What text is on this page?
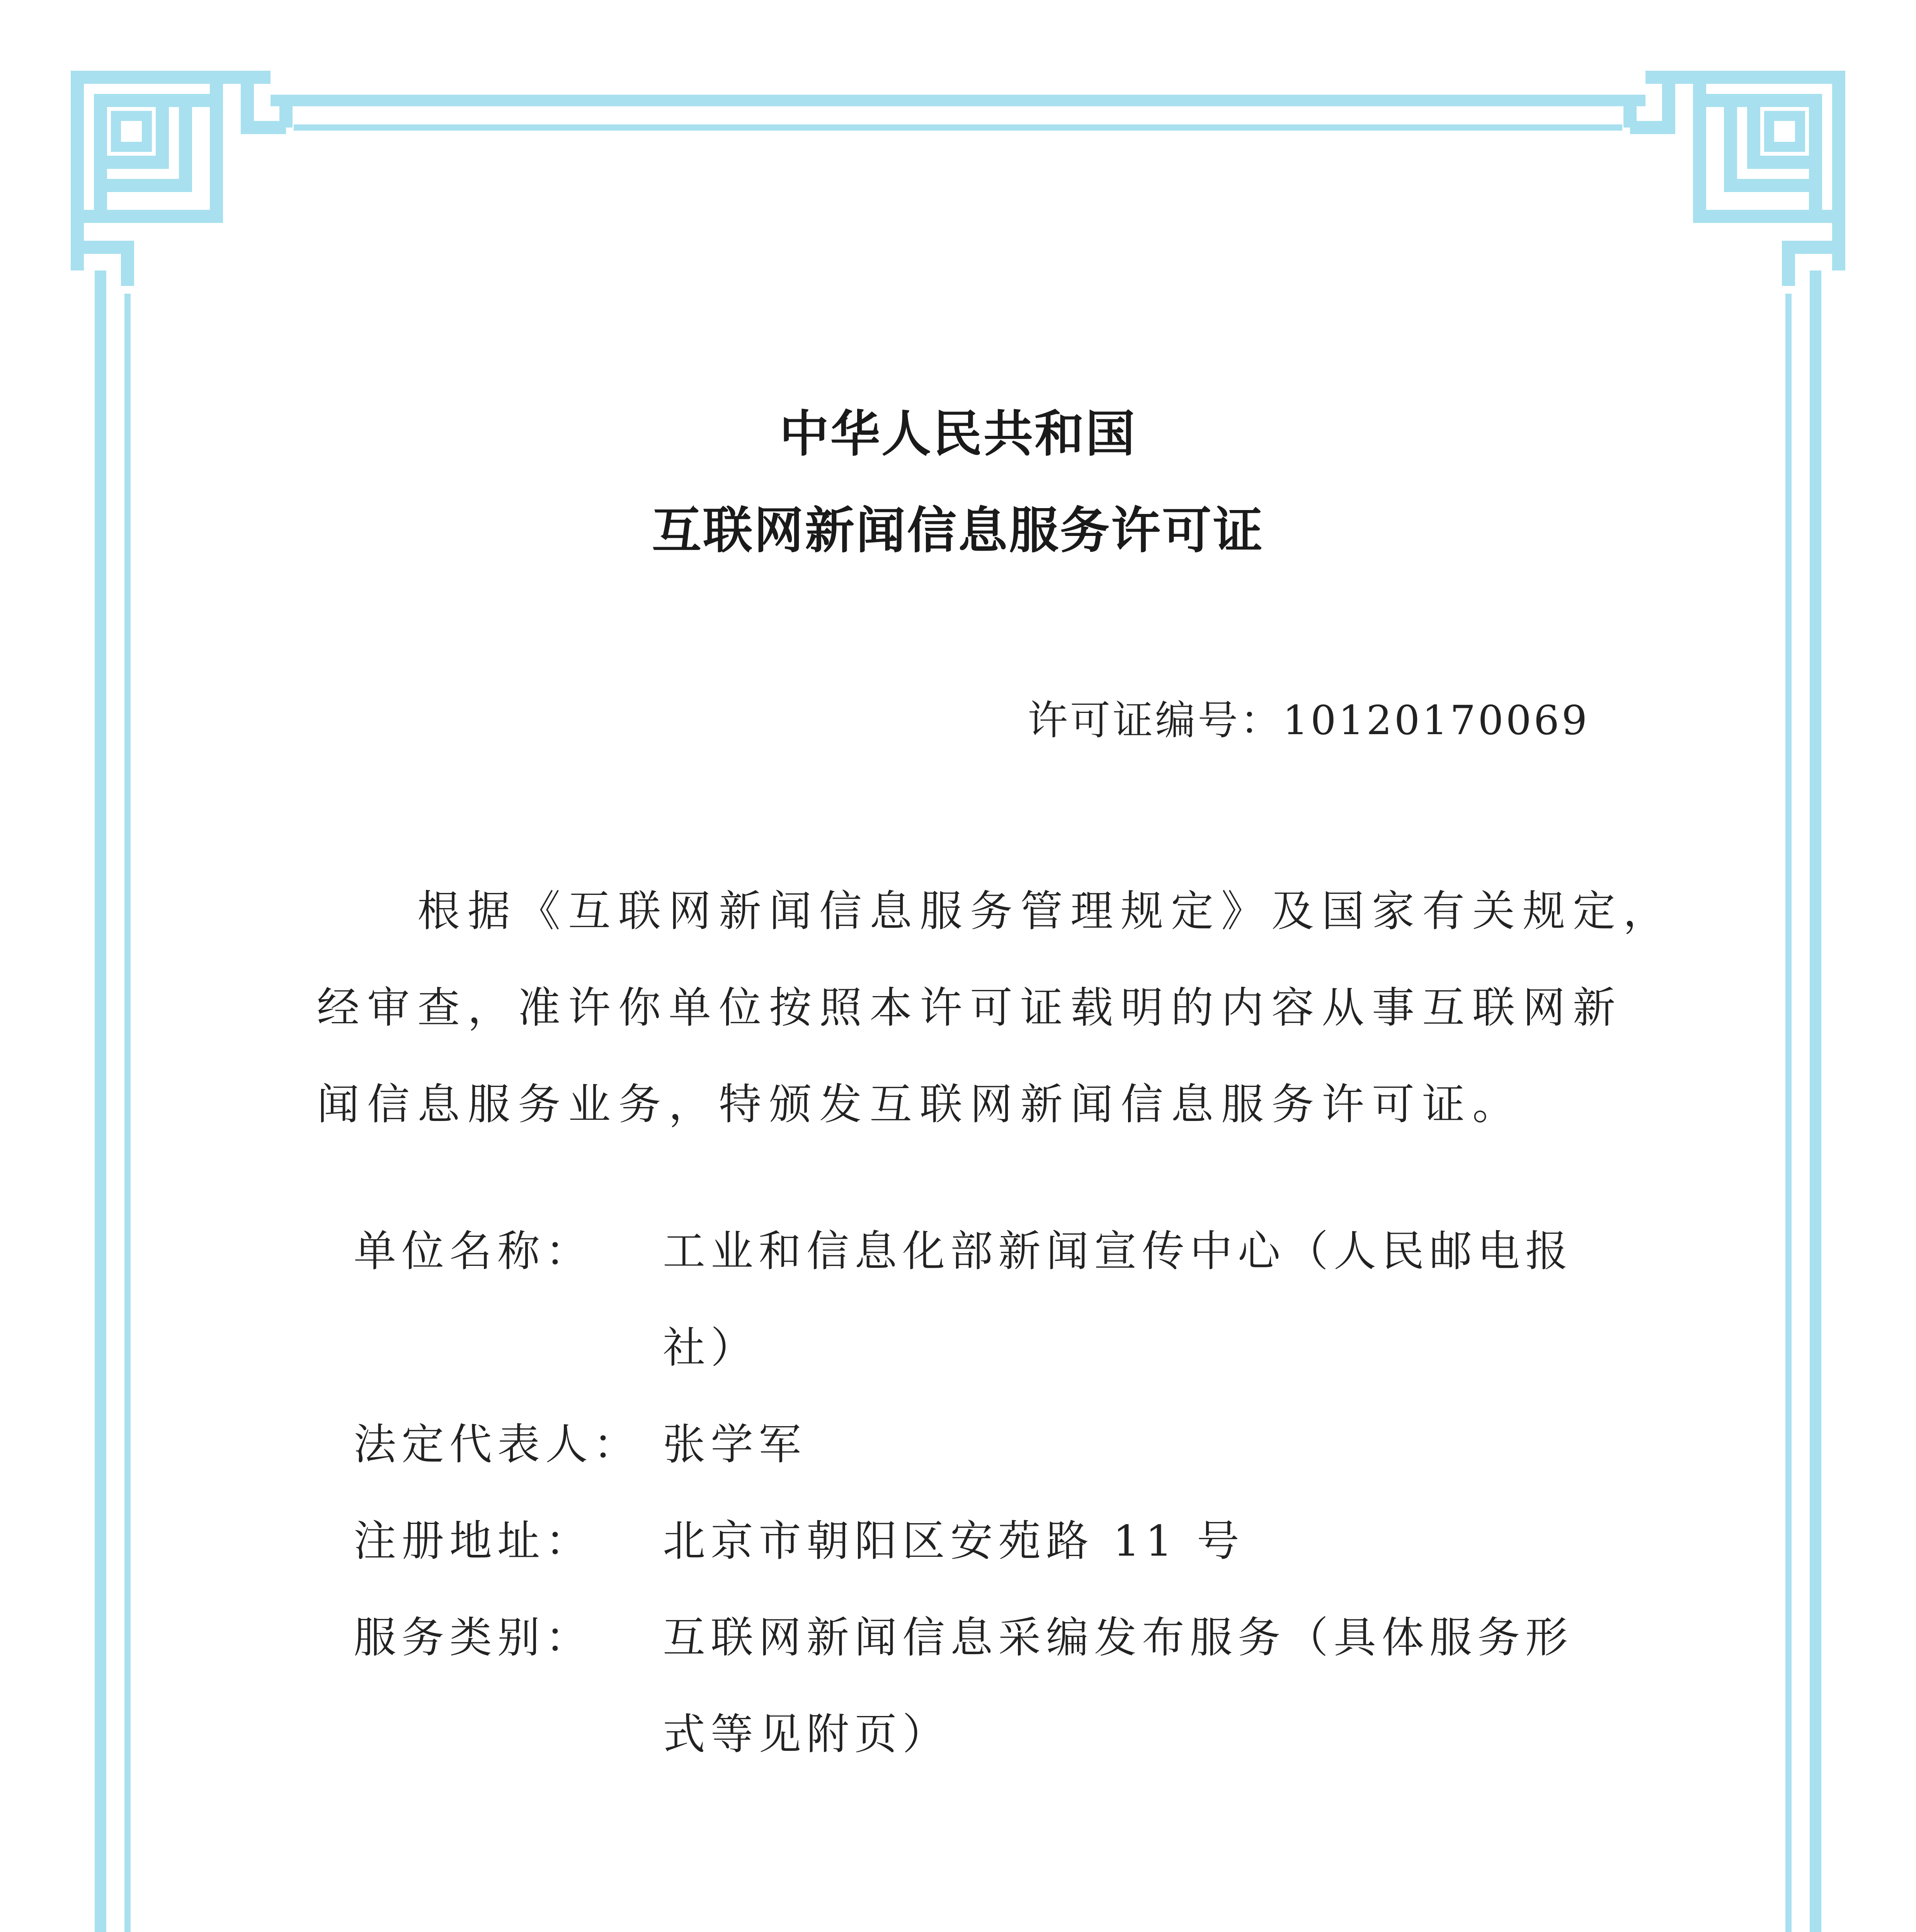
中华人民共和国
互联网新闻信息服务许可证
许可证编号：10120170069
根据《互联网新闻信息服务管理规定》及国家有关规定，
经审查，准许你单位按照本许可证载明的内容从事互联网新
闻信息服务业务，特颁发互联网新闻信息服务许可证。
单位名称： 工业和信息化部新闻宣传中心（人民邮电报
社）
法定代表人： 张学军
注册地址： 北京市朝阳区安苑路 11 号
服务类别： 互联网新闻信息采编发布服务（具体服务形
式等见附页）
